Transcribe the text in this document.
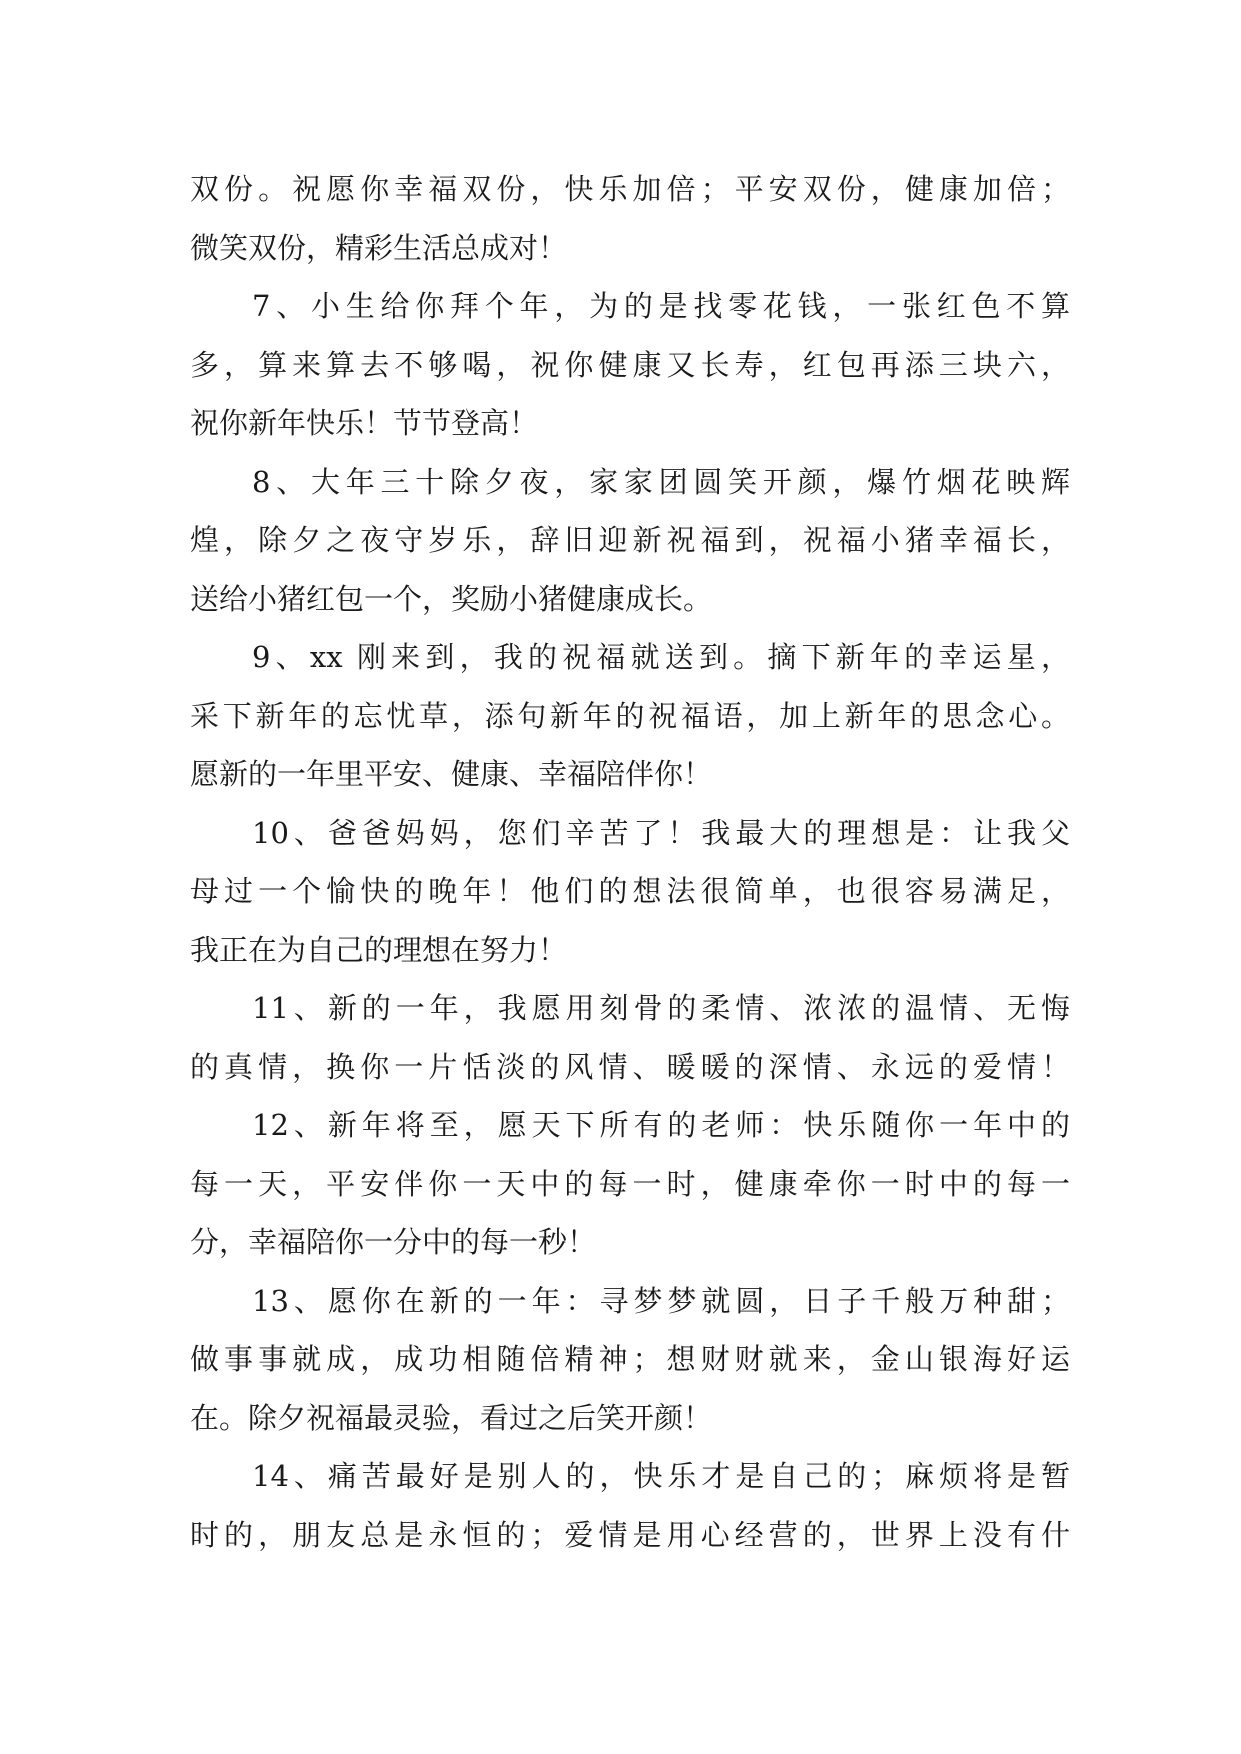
双份。祝愿你幸福双份，快乐加倍；平安双份，健康加倍；
微笑双份，精彩生活总成对！
7、小生给你拜个年，为的是找零花钱，一张红色不算
多，算来算去不够喝，祝你健康又长寿，红包再添三块六，
祝你新年快乐！节节登高！
8、大年三十除夕夜，家家团圆笑开颜，爆竹烟花映辉
煌，除夕之夜守岁乐，辞旧迎新祝福到，祝福小猪幸福长，
送给小猪红包一个，奖励小猪健康成长。
9、xx 刚来到，我的祝福就送到。摘下新年的幸运星，
采下新年的忘忧草，添句新年的祝福语，加上新年的思念心。
愿新的一年里平安、健康、幸福陪伴你！
10、爸爸妈妈，您们辛苦了！我最大的理想是：让我父
母过一个愉快的晚年！他们的想法很简单，也很容易满足，
我正在为自己的理想在努力！
11、新的一年，我愿用刻骨的柔情、浓浓的温情、无悔
的真情，换你一片恬淡的风情、暖暖的深情、永远的爱情！
12、新年将至，愿天下所有的老师：快乐随你一年中的
每一天，平安伴你一天中的每一时，健康牵你一时中的每一
分，幸福陪你一分中的每一秒！
13、愿你在新的一年：寻梦梦就圆，日子千般万种甜；
做事事就成，成功相随倍精神；想财财就来，金山银海好运
在。除夕祝福最灵验，看过之后笑开颜！
14、痛苦最好是别人的，快乐才是自己的；麻烦将是暂
时的，朋友总是永恒的；爱情是用心经营的，世界上没有什
